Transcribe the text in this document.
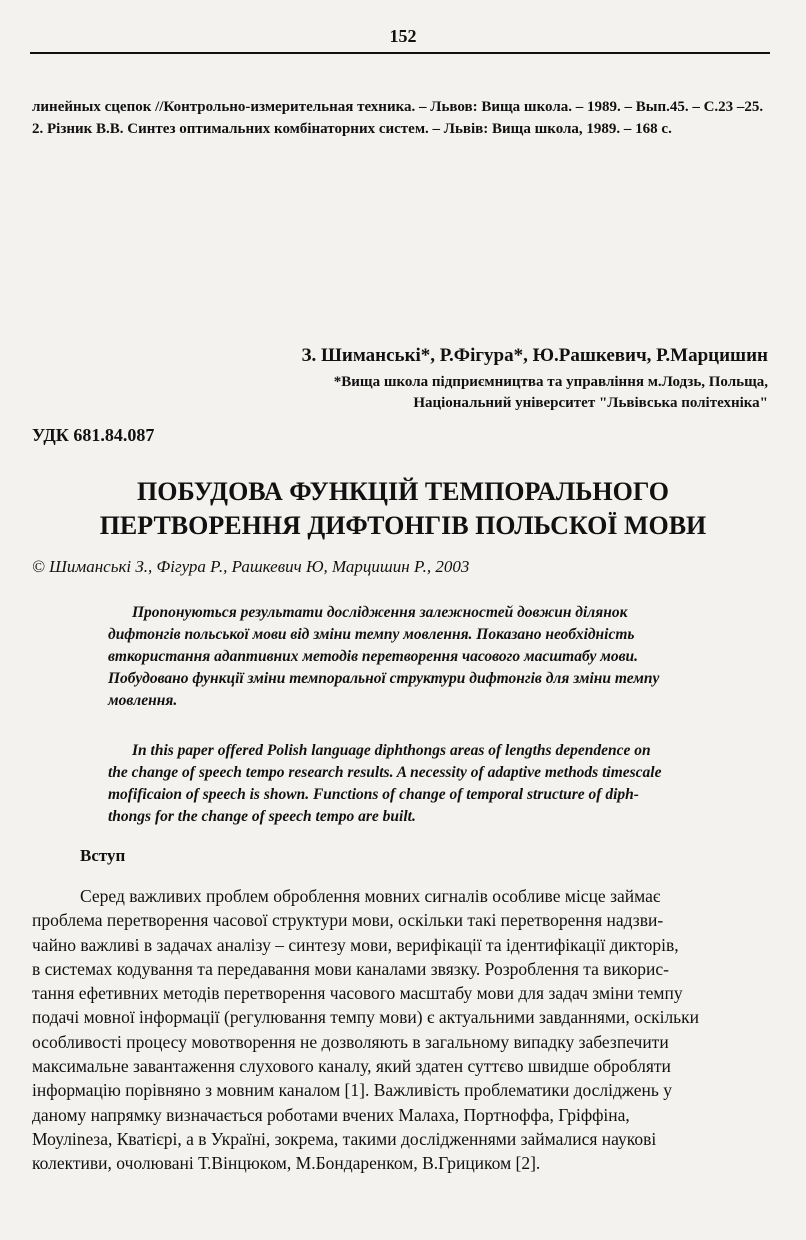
152
линейных сцепок //Контрольно-измерительная техника. – Львов: Вища школа. – 1989. – Вып.45. – С.23 –25.
2. Різник В.В. Синтез оптимальних комбінаторних систем. – Львів: Вища школа, 1989. – 168 с.
З. Шиманські*, Р.Фігура*, Ю.Рашкевич, Р.Марцишин
*Вища школа підприємництва та управління м.Лодзь, Польща,
Національний університет "Львівська політехніка"
УДК 681.84.087
ПОБУДОВА ФУНКЦІЙ ТЕМПОРАЛЬНОГО
ПЕРТВОРЕННЯ ДИФТОНГІВ ПОЛЬСКОЇ МОВИ
© Шиманські З., Фігура Р., Рашкевич Ю, Марцишин Р., 2003
Пропонуються результати дослідження залежностей довжин ділянок
дифтонгів польської мови від зміни темпу мовлення. Показано необхідність
вткористання адаптивних методів перетворення часового масштабу мови.
Побудовано функції зміни темпоральної структури дифтонгів для зміни темпу
мовлення.
In this paper offered Polish language diphthongs areas of lengths dependence on
the change of speech tempo research results. A necessity of adaptive methods timescale
mofificaion of speech is shown. Functions of change of temporal structure of diph-
thongs for the change of speech tempo are built.
Вступ
Серед важливих проблем оброблення мовних сигналів особливе місце займає
проблема перетворення часової структури мови, оскільки такі перетворення надзви-
чайно важливі в задачах аналізу – синтезу мови, верифікації та ідентифікації дикторів,
в системах кодування та передавання мови каналами звязку. Розроблення та викорис-
тання ефетивних методів перетворення часового масштабу мови для задач зміни темпу
подачі мовної інформації (регулювання темпу мови) є актуальними завданнями, оскільки
особливості процесу мовотворення не дозволяють в загальному випадку забезпечити
максимальне завантаження слухового каналу, який здатен суттєво швидше обробляти
інформацію порівняно з мовним каналом [1]. Важливість проблематики досліджень у
даному напрямку визначається роботами вчених Малаха, Портноффа, Гріффіна,
Моуліneза, Кватієрі, а в Україні, зокрема, такими дослідженнями займалися наукові
колективи, очолювані Т.Вінцюком, М.Бондаренком, В.Грициком [2].
